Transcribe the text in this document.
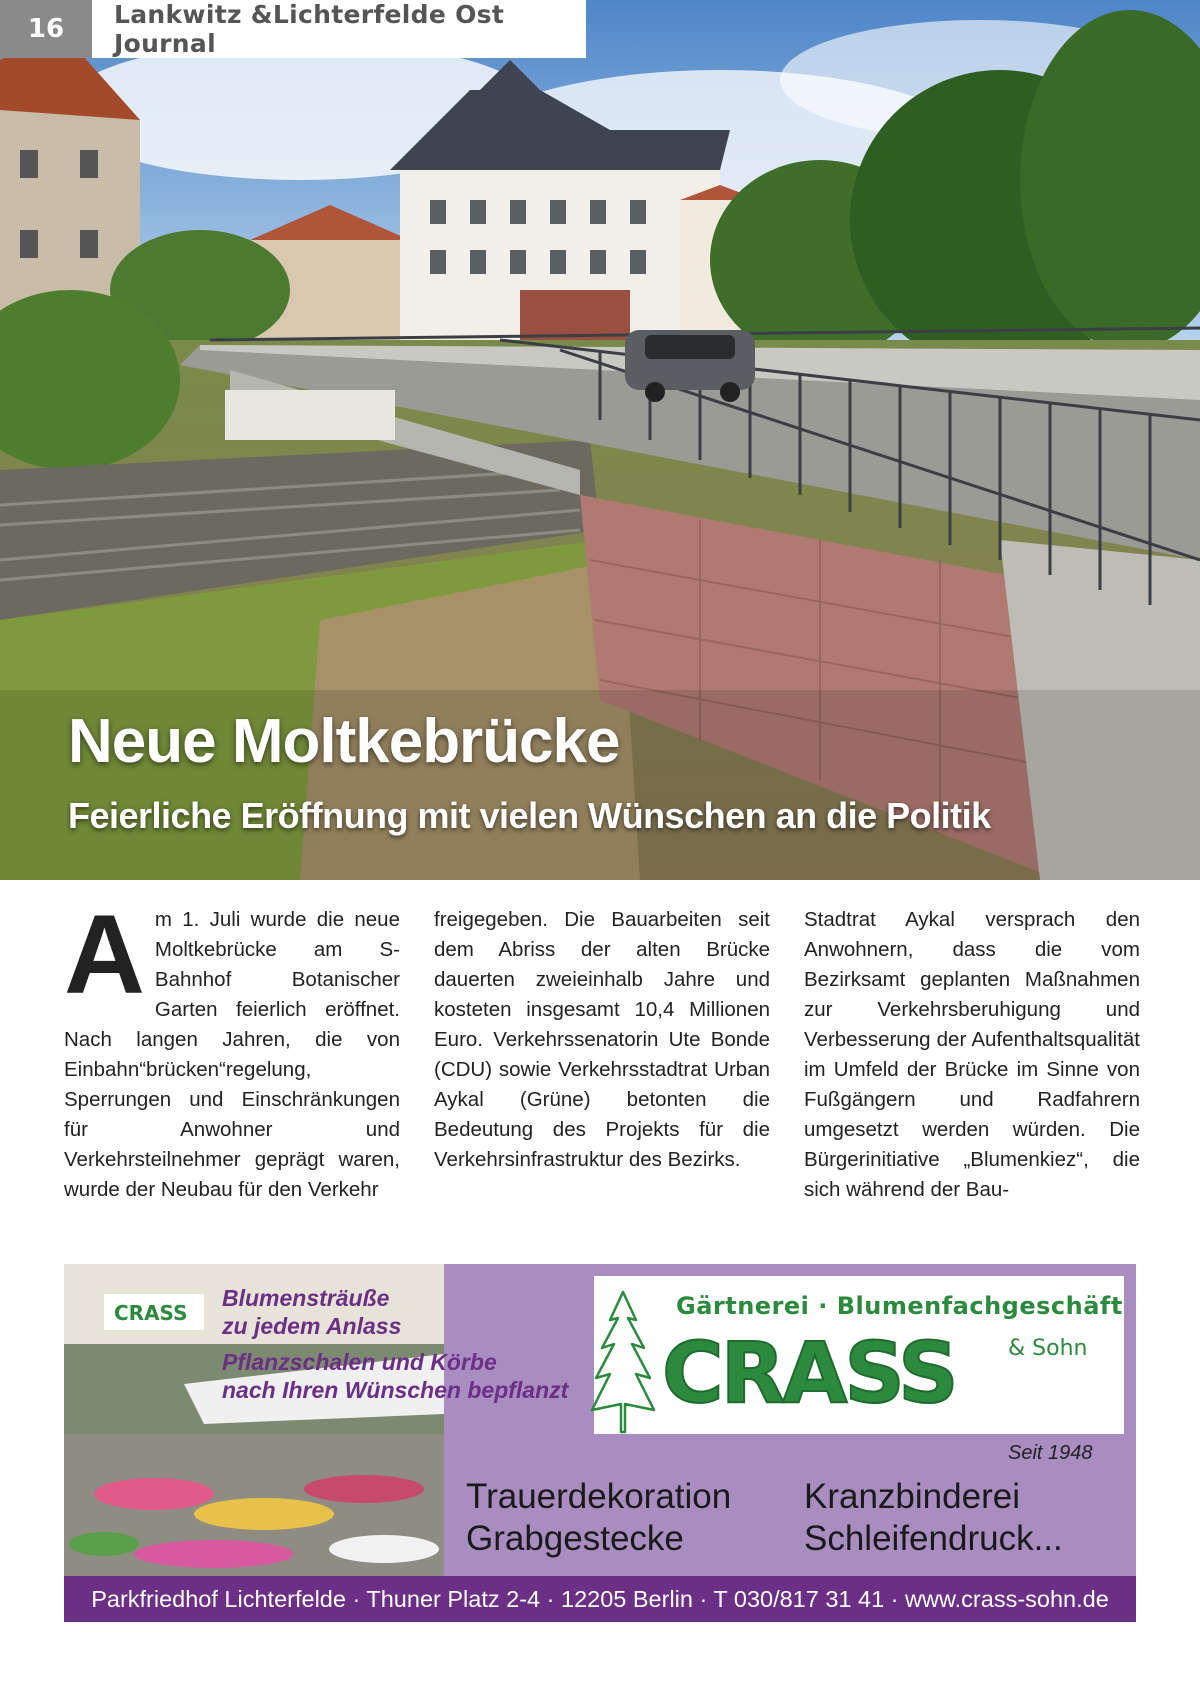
16	Lankwitz &Lichterfelde Ost Journal
Neue Moltkebrücke
Feierliche Eröffnung mit vielen Wünschen an die Politik
A m 1. Juli wurde die neue Moltkebrücke am S-Bahnhof Botanischer Garten feierlich eröffnet. Nach langen Jahren, die von Einbahn“brücken“regelung, Sperrungen und Einschränkungen für Anwohner und Verkehrsteilnehmer geprägt waren, wurde der Neubau für den Verkehr
freigegeben. Die Bauarbeiten seit dem Abriss der alten Brücke dauerten zweieinhalb Jahre und kosteten insgesamt 10,4 Millionen Euro. Verkehrssenatorin Ute Bonde (CDU) sowie Verkehrsstadtrat Urban Aykal (Grüne) betonten die Bedeutung des Projekts für die Verkehrsinfrastruktur des Bezirks.
Stadtrat Aykal versprach den Anwohnern, dass die vom Bezirksamt geplanten Maßnahmen zur Verkehrsberuhigung und Verbesserung der Aufenthaltsqualität im Umfeld der Brücke im Sinne von Fußgängern und Radfahrern umgesetzt werden würden. Die Bürgerinitiative „Blumenkiez“, die sich während der Bau-
CRASS
Blumensträuße
zu jedem Anlass
Pflanzschalen und Körbe
nach Ihren Wünschen bepflanzt
Gärtnerei · Blumenfachgeschäft
CRASS & Sohn
Seit 1948
Trauerdekoration
Grabgestecke
Kranzbinderei
Schleifendruck...
Parkfriedhof Lichterfelde · Thuner Platz 2-4 · 12205 Berlin · T 030/817 31 41 · www.crass-sohn.de
